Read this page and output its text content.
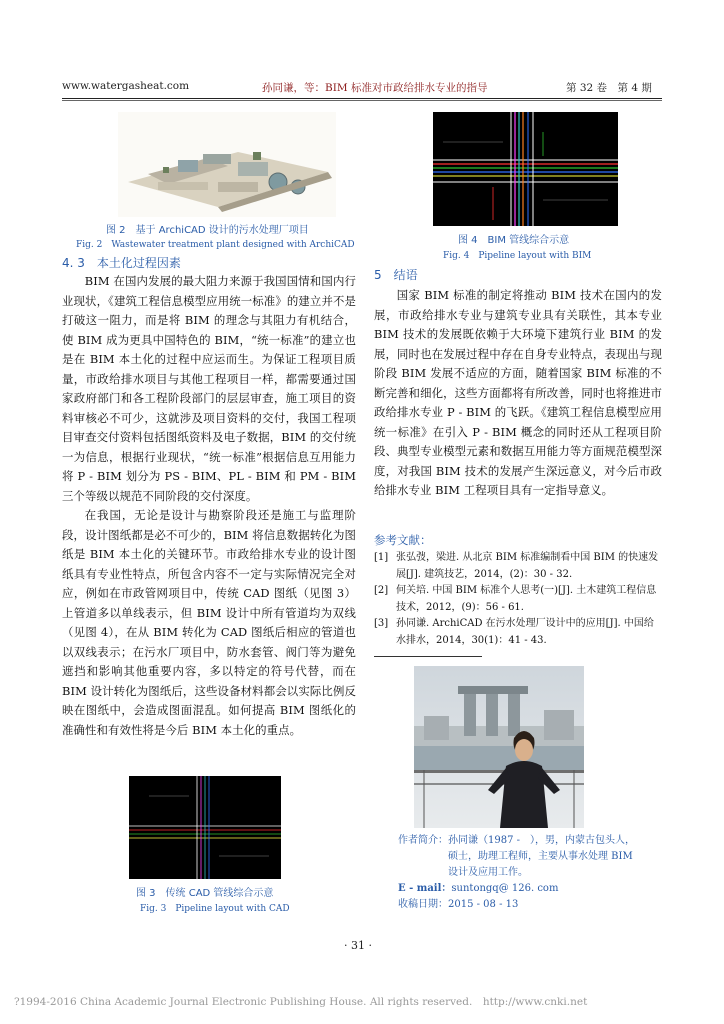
www.watergasheat.com	孙同谦，等：BIM 标准对市政给排水专业的指导	第 32 卷　第 4 期
图 2　基于 ArchiCAD 设计的污水处理厂项目
Fig. 2　Wastewater treatment plant designed with ArchiCAD	图 4　BIM 管线综合示意
Fig. 4　Pipeline layout with BIM
4. 3　本土化过程因素

BIM 在国内发展的最大阻力来源于我国国情和国内行业现状，《建筑工程信息模型应用统一标准》的建立并不是打破这一阻力，而是将 BIM 的理念与其阻力有机结合，使 BIM 成为更具中国特色的 BIM，“统一标准”的建立也是在 BIM 本土化的过程中应运而生。为保证工程项目质量，市政给排水项目与其他工程项目一样，都需要通过国家政府部门和各工程阶段部门的层层审查，施工项目的资料审核必不可少，这就涉及项目资料的交付，我国工程项目审查交付资料包括图纸资料及电子数据，BIM 的交付统一为信息，根据行业现状，“统一标准”根据信息互用能力将 P - BIM 划分为 PS - BIM、PL - BIM 和 PM - BIM 三个等级以规范不同阶段的交付深度。

在我国，无论是设计与勘察阶段还是施工与监理阶段，设计图纸都是必不可少的，BIM 将信息数据转化为图纸是 BIM 本土化的关键环节。市政给排水专业的设计图纸具有专业性特点，所包含内容不一定与实际情况完全对应，例如在市政管网项目中，传统 CAD 图纸（见图 3）上管道多以单线表示，但 BIM 设计中所有管道均为双线（见图 4），在从 BIM 转化为 CAD 图纸后相应的管道也以双线表示；在污水厂项目中，防水套管、阀门等为避免遮挡和影响其他重要内容，多以特定的符号代替，而在 BIM 设计转化为图纸后，这些设备材料都会以实际比例反映在图纸中，会造成图面混乱。如何提高 BIM 图纸化的准确性和有效性将是今后 BIM 本土化的重点。

图 3　传统 CAD 管线综合示意
Fig. 3　Pipeline layout with CAD
5　结语

国家 BIM 标准的制定将推动 BIM 技术在国内的发展，市政给排水专业与建筑专业具有关联性，其本专业 BIM 技术的发展既依赖于大环境下建筑行业 BIM 的发展，同时也在发展过程中存在自身专业特点，表现出与现阶段 BIM 发展不适应的方面，随着国家 BIM 标准的不断完善和细化，这些方面都将有所改善，同时也将推进市政给排水专业 P - BIM 的飞跃。《建筑工程信息模型应用统一标准》在引入 P - BIM 概念的同时还从工程项目阶段、典型专业模型元素和数据互用能力等方面规范模型深度，对我国 BIM 技术的发展产生深远意义，对今后市政给排水专业 BIM 工程项目具有一定指导意义。

参考文献：
[1] 张弘弢，梁进. 从北京 BIM 标准编制看中国 BIM 的快速发展[J]. 建筑技艺，2014，(2)：30 - 32.
[2] 何关培. 中国 BIM 标准个人思考(一)[J]. 土木建筑工程信息技术，2012，(9)：56 - 61.
[3] 孙同谦. ArchiCAD 在污水处理厂设计中的应用[J]. 中国给水排水，2014，30(1)：41 - 43.
作者简介：孙同谦（1987 -　），男，内蒙古包头人，
硕士，助理工程师，主要从事水处理 BIM
设计及应用工作。
E - mail：suntongq@ 126. com
收稿日期：2015 - 08 - 13
· 31 ·
?1994-2016 China Academic Journal Electronic Publishing House. All rights reserved.　http://www.cnki.net
